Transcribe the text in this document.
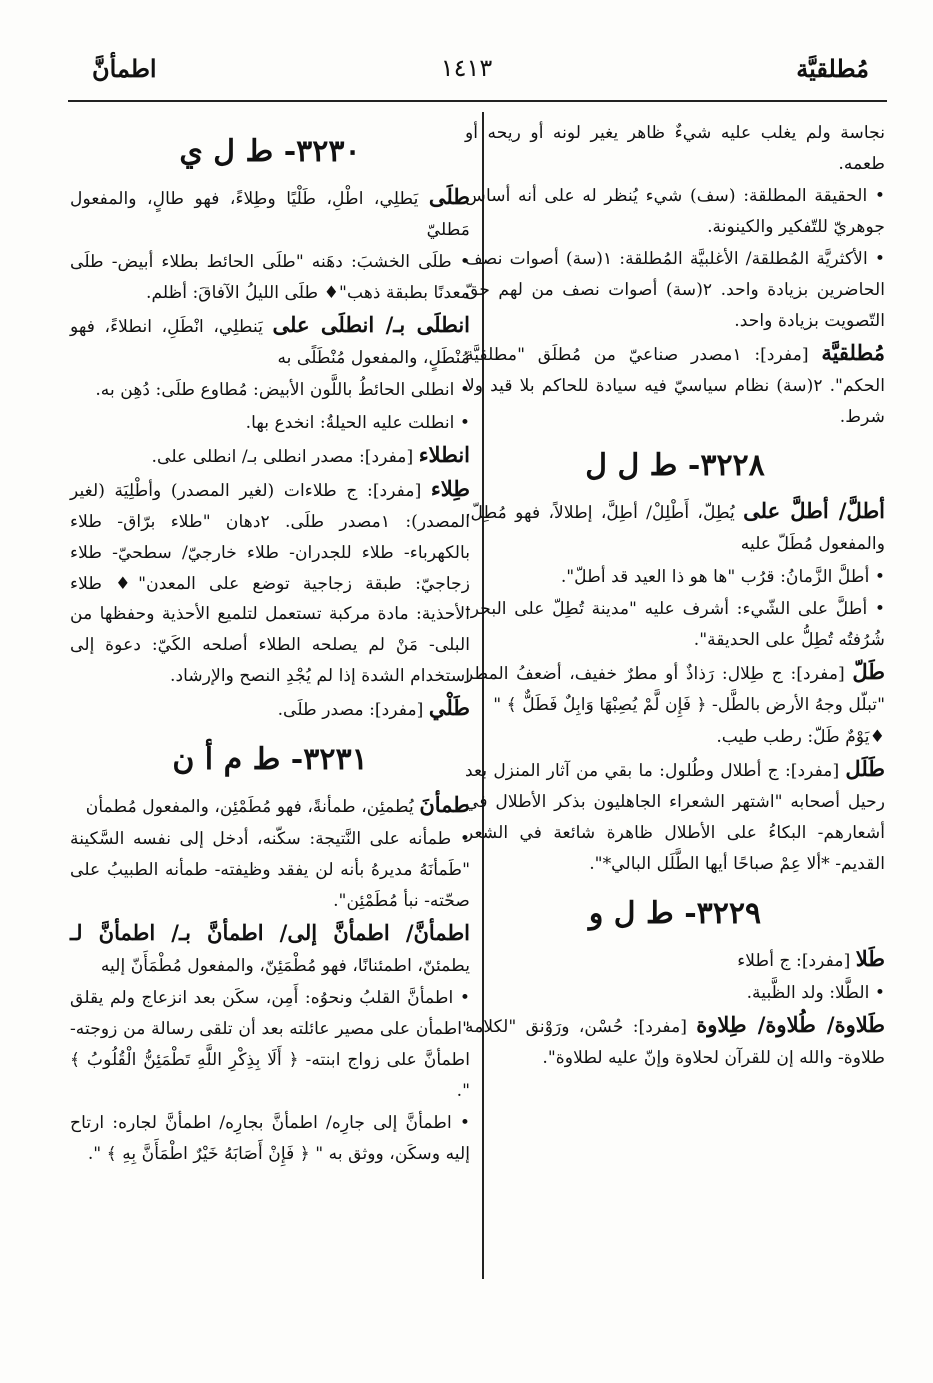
مُطلقيَّة
١٤١٣
اطمأنَّ
نجاسة ولم يغلب عليه شيءٌ ظاهر يغير لونه أو ريحه أو طعمه.
• الحقيقة المطلقة: (سف) شيء يُنظر له على أنه أساس جوهريّ للتّفكير والكينونة.
• الأكثريَّة المُطلقة/ الأغلبيَّة المُطلقة: ١(سة) أصوات نصف الحاضرين بزيادة واحد. ٢(سة) أصوات نصف من لهم حقّ التّصويت بزيادة واحد.
مُطلقيَّة [مفرد]: ١مصدر صناعيّ من مُطلَق "مطلقيَّة الحكم". ٢(سة) نظام سياسيّ فيه سيادة للحاكم بلا قيد ولا شرط.
٣٢٢٨- ط ل ل
أطلَّ/ أطلَّ على يُطِلّ، أَطْلِلْ/ أطِلَّ، إطلالاً، فهو مُطِلّ، والمفعول مُطَلّ عليه
• أطلَّ الزَّمانُ: قرُب "ها هو ذا العيد قد أطلّ".
• أطلَّ على الشّيء: أشرف عليه "مدينة تُطِلّ على البحر- شُرُفتُه تُطِلُّ على الحديقة".
طَلّ [مفرد]: ج طِلال: رَذاذٌ أو مطرٌ خفيف، أضعفُ المطر "تبلّل وجهُ الأرض بالطَّل- ﴿ فَإِن لَّمْ يُصِبْهَا وَابِلٌ فَطَلٌّ ﴾ "
♦يَوْمٌ طَلّ: رطب طيب.
طَلَل [مفرد]: ج أطلال وطُلول: ما بقي من آثار المنزل بعد رحيل أصحابه "اشتهر الشعراء الجاهليون بذكر الأطلال في أشعارهم- البكاءُ على الأطلال ظاهرة شائعة في الشعر القديم- *ألا عِمْ صباحًا أيها الطَّلَل البالي*".
٣٢٢٩- ط ل و
طَلا [مفرد]: ج أطلاء
• الطَّلا: ولد الظَّبية.
طَلاوة/ طُلاوة/ طِلاوة [مفرد]: حُسْن، ورَوْنق "لكلامه طلاوة- والله إن للقرآن لحلاوة وإنّ عليه لطلاوة".
٣٢٣٠- ط ل ي
طلَى يَطلِي، اطْلِ، طَلْيًا وطِلاءً، فهو طالٍ، والمفعول مَطليّ
• طلَى الخشبَ: دهَنه "طلَى الحائط بطلاء أبيض- طلَى معدنًا بطبقة ذهب"♦ طلَى الليلُ الآفاقَ: أظلم.
انطلَى بـ/ انطلَى على يَنطلِي، انْطَلِ، انطلاءً، فهو مُنْطَلٍ، والمفعول مُنْطَلًى به
• انطلى الحائطُ باللَّون الأبيض: مُطاوع طلَى: دُهِن به.
• انطلت عليه الحيلةُ: انخدع بها.
انطلاء [مفرد]: مصدر انطلى بـ/ انطلى على.
طِلاء [مفرد]: ج طلاءات (لغير المصدر) وأطْلِيَة (لغير المصدر): ١مصدر طلَى. ٢دهان "طلاء برّاق- طلاء بالكهرباء- طلاء للجدران- طلاء خارجيّ/ سطحيّ- طلاء زجاجيّ: طبقة زجاجية توضع على المعدن"♦ طلاء الأحذية: مادة مركبة تستعمل لتلميع الأحذية وحفظها من البلى- مَنْ لم يصلحه الطلاء أصلحه الكَيّ: دعوة إلى استخدام الشدة إذا لم يُجْدِ النصح والإرشاد.
طَلْي [مفرد]: مصدر طلَى.
٣٢٣١- ط م أ ن
طمأنَ يُطمئِن، طمأنةً، فهو مُطَمْئِن، والمفعول مُطمأن
• طمأنه على النَّتيجة: سكّنه، أدخل إلى نفسه السَّكينة "طَمأنَهُ مديرهُ بأنه لن يفقد وظيفته- طمأنه الطبيبُ على صحّته- نبأ مُطَمْئِن".
اطمأنَّ/ اطمأنَّ إلى/ اطمأنَّ بـ/ اطمأنَّ لـ يطمئنّ، اطمئنانًا، فهو مُطْمَئِنّ، والمفعول مُطْمَأَنّ إليه
• اطمأنَّ القلبُ ونحوُه: أَمِن، سكَن بعد انزعاج ولم يقلق "اطمأن على مصير عائلته بعد أن تلقى رسالة من زوجته- اطمأنَّ على زواج ابنته- ﴿ أَلَا بِذِكْرِ اللَّهِ تَطْمَئِنُّ الْقُلُوبُ ﴾ ".
• اطمأنَّ إلى جارِه/ اطمأنَّ بجارِه/ اطمأنَّ لجاره: ارتاح إليه وسكَن، ووثق به " ﴿ فَإِنْ أَصَابَهُ خَيْرٌ اطْمَأَنَّ بِهِ ﴾ ".
